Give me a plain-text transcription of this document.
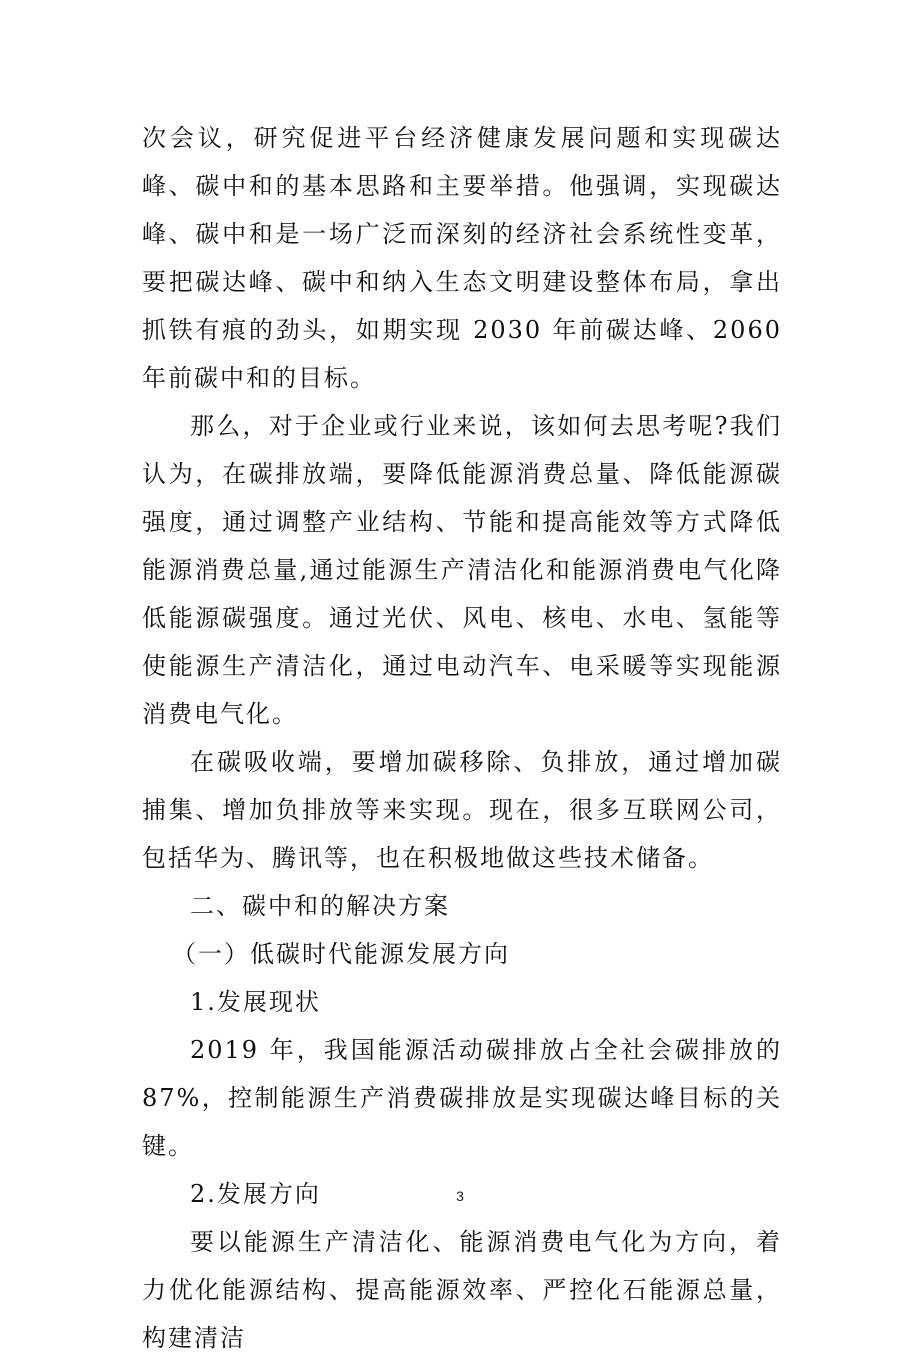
次会议，研究促进平台经济健康发展问题和实现碳达峰、碳中和的基本思路和主要举措。他强调，实现碳达峰、碳中和是一场广泛而深刻的经济社会系统性变革，要把碳达峰、碳中和纳入生态文明建设整体布局，拿出抓铁有痕的劲头，如期实现 2030 年前碳达峰、2060 年前碳中和的目标。

那么，对于企业或行业来说，该如何去思考呢?我们认为，在碳排放端，要降低能源消费总量、降低能源碳强度，通过调整产业结构、节能和提高能效等方式降低能源消费总量,通过能源生产清洁化和能源消费电气化降低能源碳强度。通过光伏、风电、核电、水电、氢能等使能源生产清洁化，通过电动汽车、电采暖等实现能源消费电气化。

在碳吸收端，要增加碳移除、负排放，通过增加碳捕集、增加负排放等来实现。现在，很多互联网公司，包括华为、腾讯等，也在积极地做这些技术储备。

二、碳中和的解决方案

（一）低碳时代能源发展方向

1.发展现状

2019 年，我国能源活动碳排放占全社会碳排放的 87%，控制能源生产消费碳排放是实现碳达峰目标的关键。

2.发展方向

要以能源生产清洁化、能源消费电气化为方向，着力优化能源结构、提高能源效率、严控化石能源总量，构建清洁

3
